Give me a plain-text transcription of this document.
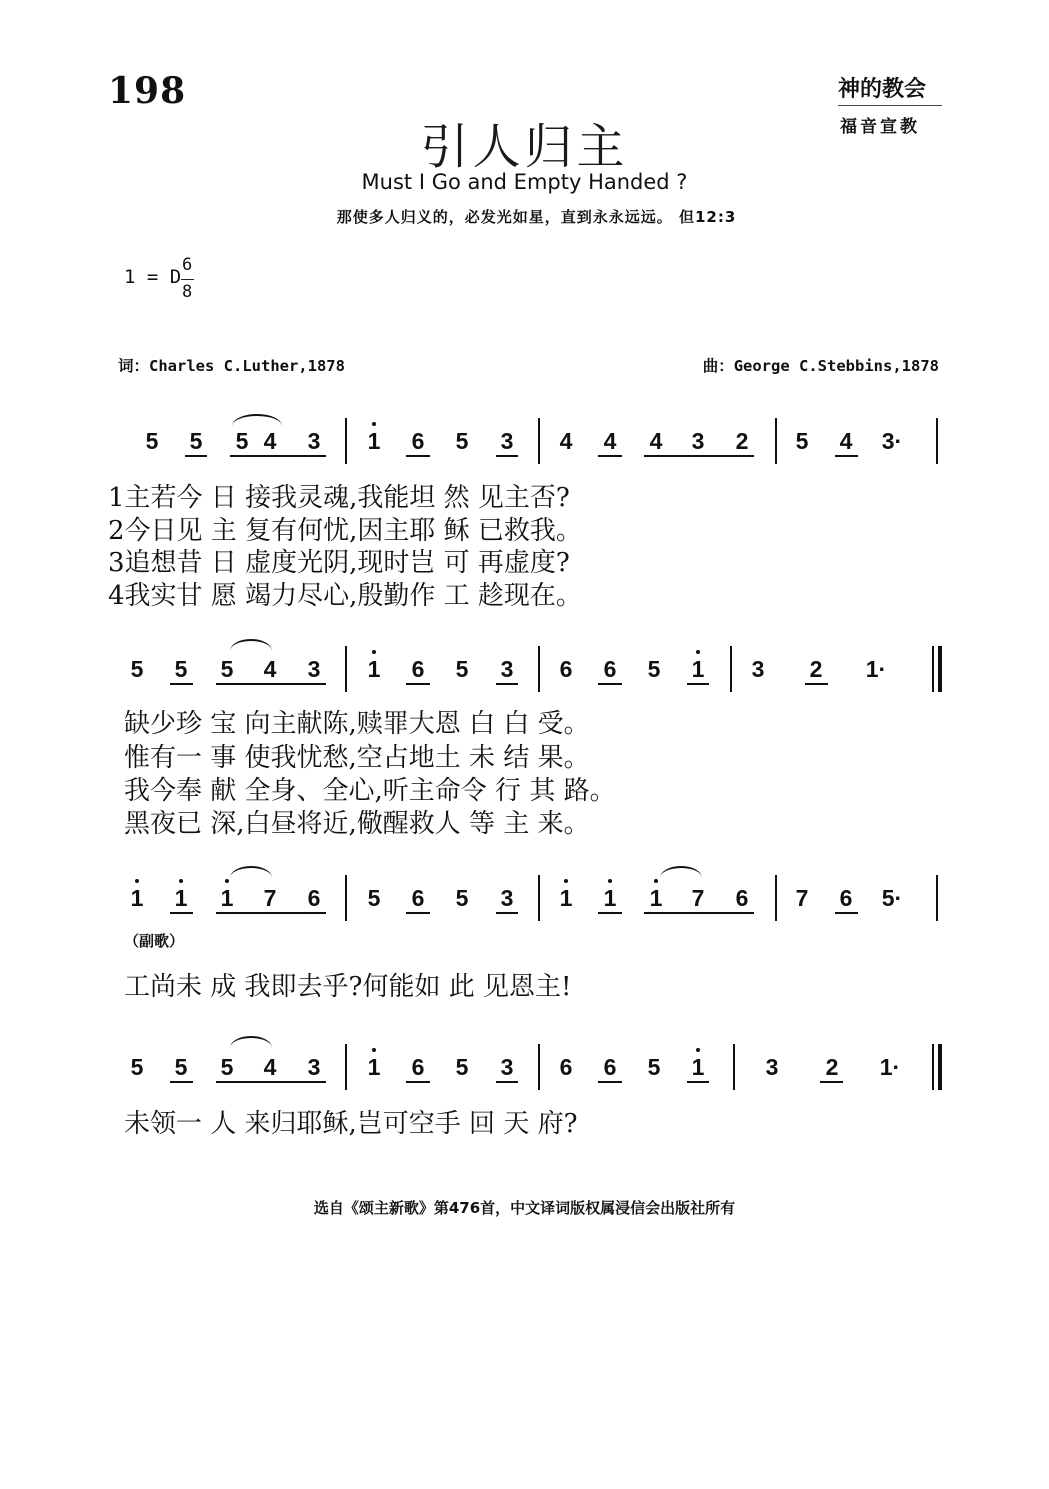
198	神的教会
福音宣教
引人归主
Must I Go and Empty Handed ?
那使多人归义的，必发光如星，直到永永远远。 但12:3
1 = D
6
8
词：Charles C.Luther,1878	曲：George C.Stebbins,1878
5	5	5 4	3	1	6	5	3	4	4	4	3	2	5	4	3·
5	5	5	4	3	1	6	5	3	6	6	5	1	3	2	1·
1	1	1	7	6	5	6	5	3	1	1	1	7	6	7	6	5·
5	5	5	4	3	1	6	5	3	6	6	5	1	3	2	1·
1主若今 日 接我灵魂,我能坦 然 见主否?
2今日见 主 复有何忧,因主耶 稣 已救我。
3追想昔 日 虚度光阴,现时岂 可 再虚度?
4我实甘 愿 竭力尽心,殷勤作 工 趁现在。
缺少珍 宝 向主献陈,赎罪大恩 白 白 受。
惟有一 事 使我忧愁,空占地土 未 结 果。
我今奉 献 全身、全心,听主命令 行 其 路。
黑夜已 深,白昼将近,儆醒救人 等 主 来。
（副歌）
工尚未 成 我即去乎?何能如 此 见恩主!
未领一 人 来归耶稣,岂可空手 回 天 府?
选自《颂主新歌》第476首，中文译词版权属浸信会出版社所有
